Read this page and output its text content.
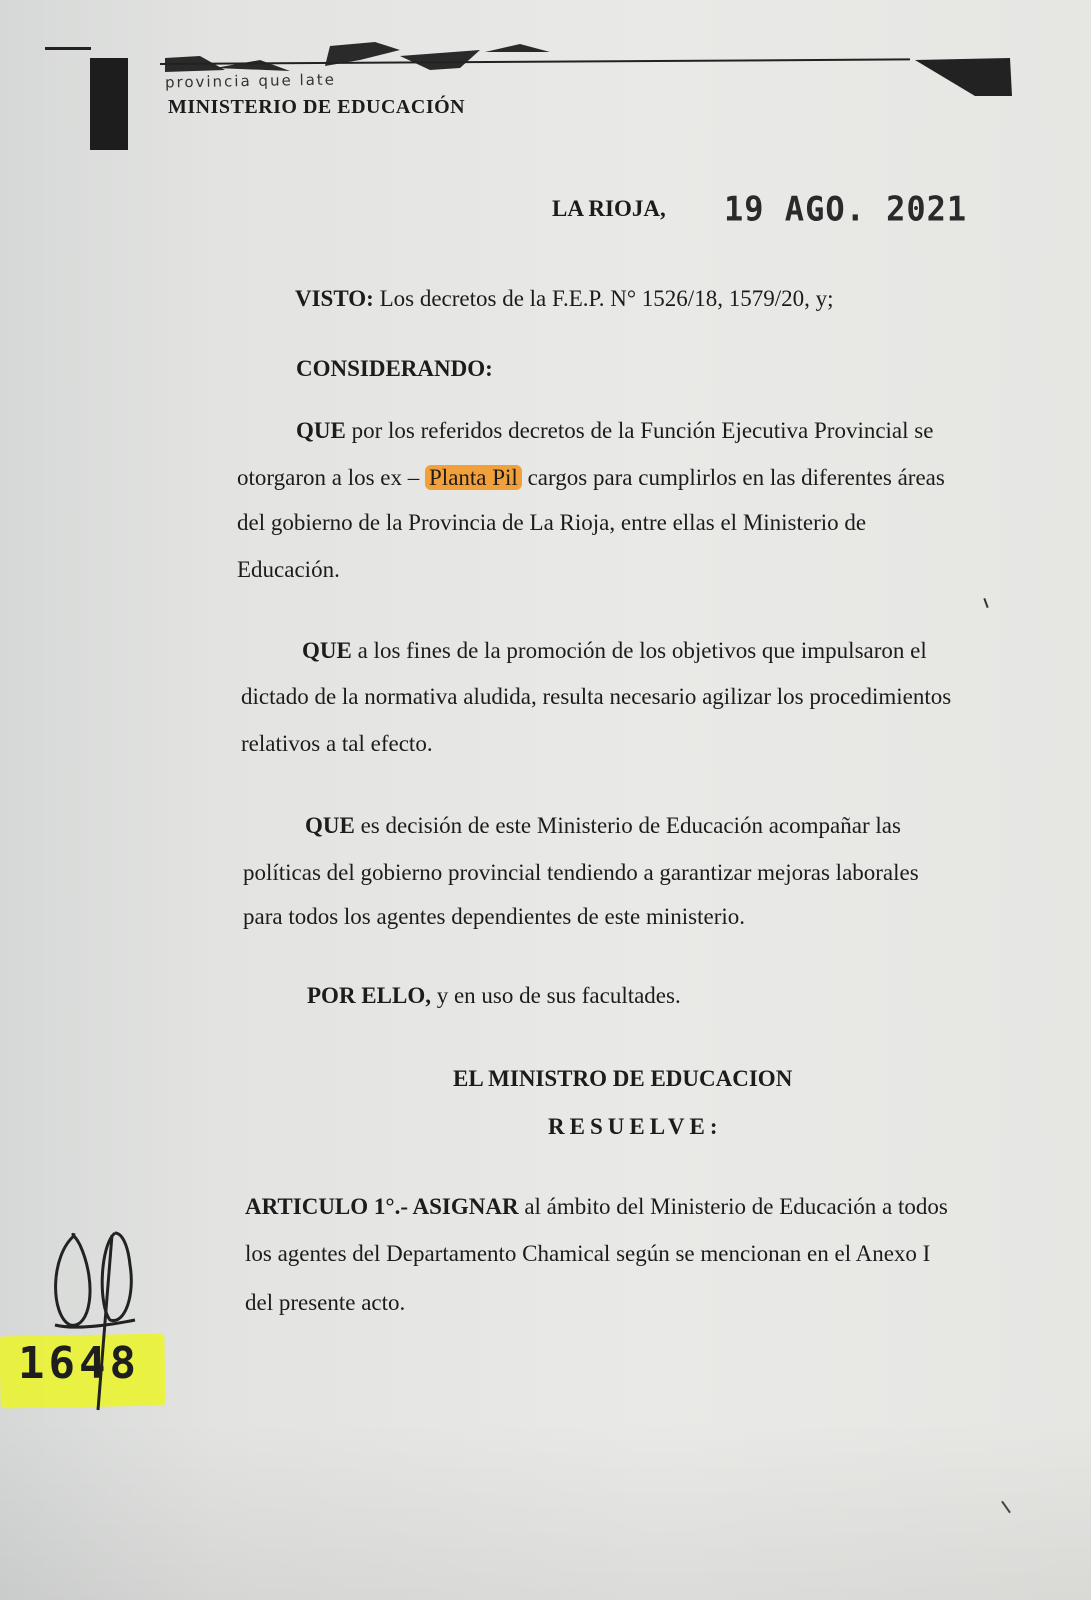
provincia que late
MINISTERIO DE EDUCACIÓN
LA RIOJA, 19 AGO. 2021
VISTO: Los decretos de la F.E.P. N° 1526/18, 1579/20, y;
CONSIDERANDO:
QUE por los referidos decretos de la Función Ejecutiva Provincial se
otorgaron a los ex – Planta Pil cargos para cumplirlos en las diferentes áreas
del gobierno de la Provincia de La Rioja, entre ellas el Ministerio de
Educación.
QUE a los fines de la promoción de los objetivos que impulsaron el
dictado de la normativa aludida, resulta necesario agilizar los procedimientos
relativos a tal efecto.
QUE es decisión de este Ministerio de Educación acompañar las
políticas del gobierno provincial tendiendo a garantizar mejoras laborales
para todos los agentes dependientes de este ministerio.
POR ELLO, y en uso de sus facultades.
EL MINISTRO DE EDUCACION
RESUELVE:
ARTICULO 1°.- ASIGNAR al ámbito del Ministerio de Educación a todos
los agentes del Departamento Chamical según se mencionan en el Anexo I
del presente acto.
1648
